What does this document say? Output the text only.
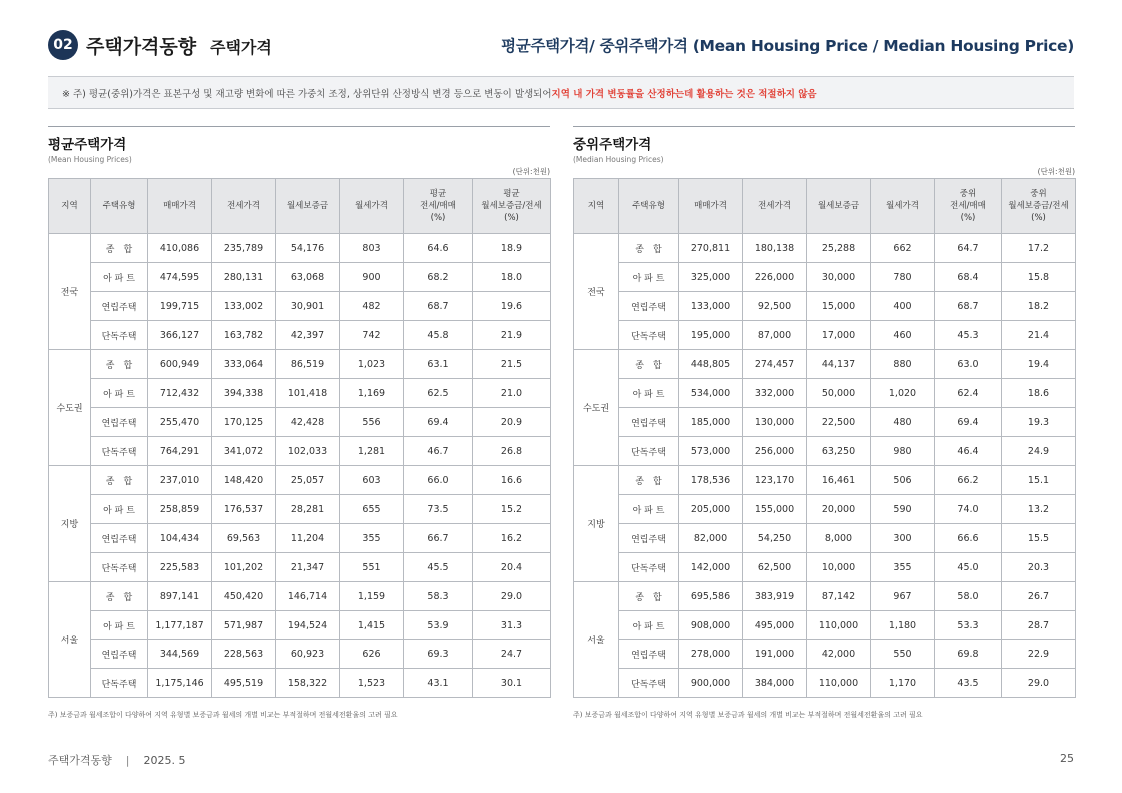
02 주택가격동향 주택가격	평균주택가격/ 중위주택가격 (Mean Housing Price / Median Housing Price)
※ 주) 평균(중위)가격은 표본구성 및 재고량 변화에 따른 가중치 조정, 상위단위 산정방식 변경 등으로 변동이 발생되어 지역 내 가격 변동률을 산정하는데 활용하는 것은 적절하지 않음
평균주택가격
(Mean Housing Prices)
(단위:천원)
지역	주택유형	매매가격	전세가격	월세보증금	월세가격	평균
전세/매매
(%)	평균
월세보증금/전세
(%)
전국	종　합	410,086	235,789	54,176	803	64.6	18.9
	아 파 트	474,595	280,131	63,068	900	68.2	18.0
	연립주택	199,715	133,002	30,901	482	68.7	19.6
	단독주택	366,127	163,782	42,397	742	45.8	21.9
수도권	종　합	600,949	333,064	86,519	1,023	63.1	21.5
	아 파 트	712,432	394,338	101,418	1,169	62.5	21.0
	연립주택	255,470	170,125	42,428	556	69.4	20.9
	단독주택	764,291	341,072	102,033	1,281	46.7	26.8
지방	종　합	237,010	148,420	25,057	603	66.0	16.6
	아 파 트	258,859	176,537	28,281	655	73.5	15.2
	연립주택	104,434	69,563	11,204	355	66.7	16.2
	단독주택	225,583	101,202	21,347	551	45.5	20.4
서울	종　합	897,141	450,420	146,714	1,159	58.3	29.0
	아 파 트	1,177,187	571,987	194,524	1,415	53.9	31.3
	연립주택	344,569	228,563	60,923	626	69.3	24.7
	단독주택	1,175,146	495,519	158,322	1,523	43.1	30.1
중위주택가격
(Median Housing Prices)
(단위:천원)
지역	주택유형	매매가격	전세가격	월세보증금	월세가격	중위
전세/매매
(%)	중위
월세보증금/전세
(%)
전국	종　합	270,811	180,138	25,288	662	64.7	17.2
	아 파 트	325,000	226,000	30,000	780	68.4	15.8
	연립주택	133,000	92,500	15,000	400	68.7	18.2
	단독주택	195,000	87,000	17,000	460	45.3	21.4
수도권	종　합	448,805	274,457	44,137	880	63.0	19.4
	아 파 트	534,000	332,000	50,000	1,020	62.4	18.6
	연립주택	185,000	130,000	22,500	480	69.4	19.3
	단독주택	573,000	256,000	63,250	980	46.4	24.9
지방	종　합	178,536	123,170	16,461	506	66.2	15.1
	아 파 트	205,000	155,000	20,000	590	74.0	13.2
	연립주택	82,000	54,250	8,000	300	66.6	15.5
	단독주택	142,000	62,500	10,000	355	45.0	20.3
서울	종　합	695,586	383,919	87,142	967	58.0	26.7
	아 파 트	908,000	495,000	110,000	1,180	53.3	28.7
	연립주택	278,000	191,000	42,000	550	69.8	22.9
	단독주택	900,000	384,000	110,000	1,170	43.5	29.0
주) 보증금과 월세조합이 다양하여 지역 유형별 보증금과 월세의 개별 비교는 부적절하며 전월세전환율의 고려 필요	주) 보증금과 월세조합이 다양하여 지역 유형별 보증금과 월세의 개별 비교는 부적절하며 전월세전환율의 고려 필요
주택가격동향 | 2025. 5	25
